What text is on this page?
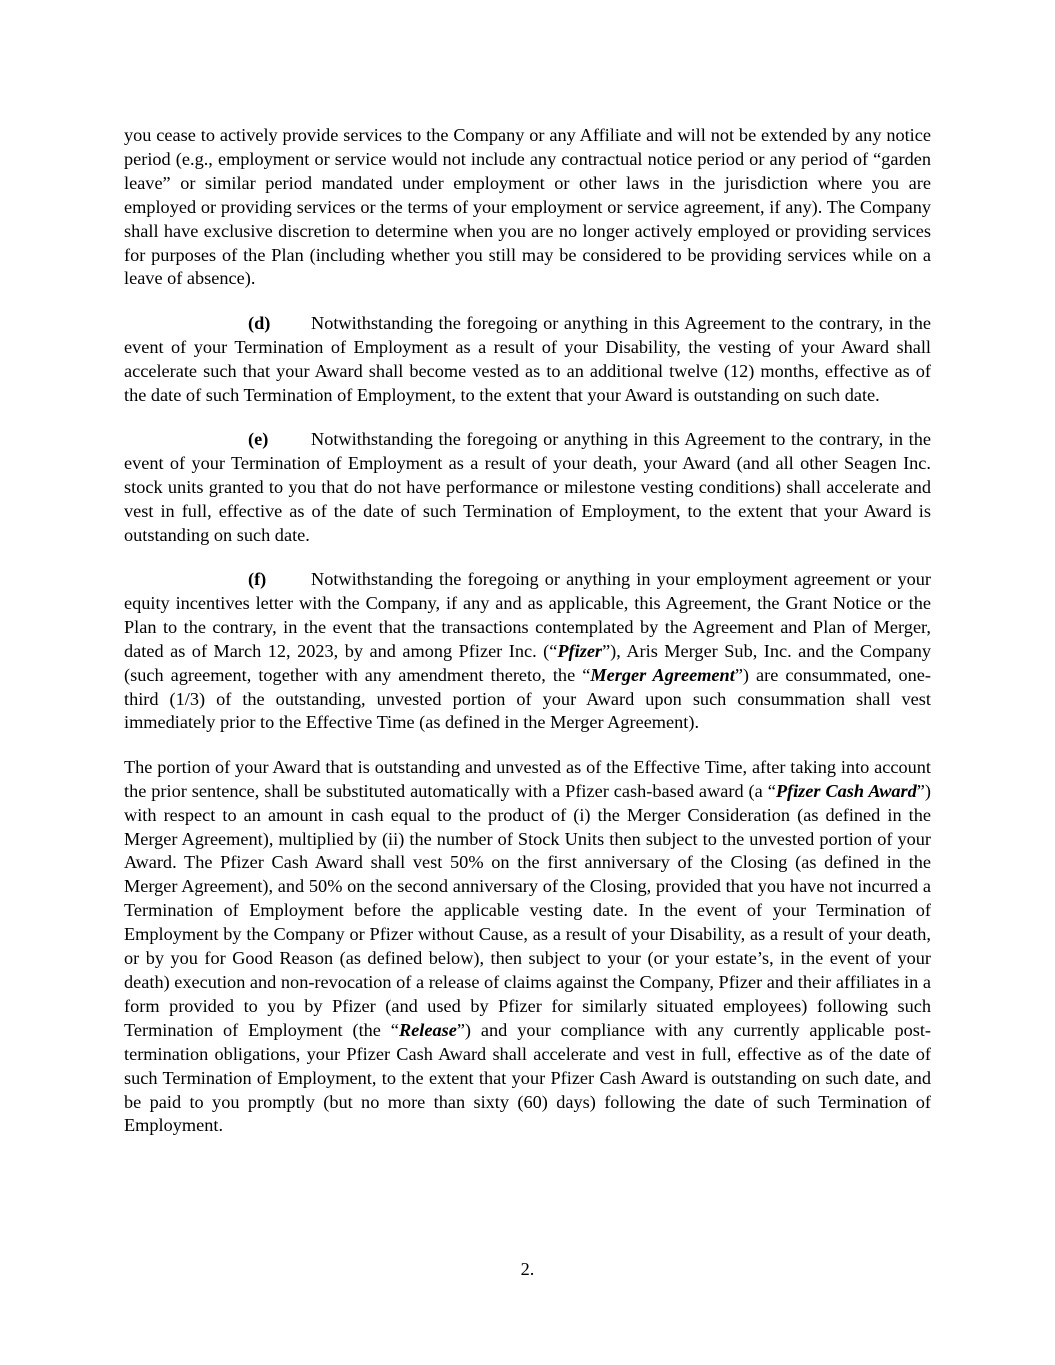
you cease to actively provide services to the Company or any Affiliate and will not be extended by any notice period (e.g., employment or service would not include any contractual notice period or any period of “garden leave” or similar period mandated under employment or other laws in the jurisdiction where you are employed or providing services or the terms of your employment or service agreement, if any). The Company shall have exclusive discretion to determine when you are no longer actively employed or providing services for purposes of the Plan (including whether you still may be considered to be providing services while on a leave of absence).

(d) Notwithstanding the foregoing or anything in this Agreement to the contrary, in the event of your Termination of Employment as a result of your Disability, the vesting of your Award shall accelerate such that your Award shall become vested as to an additional twelve (12) months, effective as of the date of such Termination of Employment, to the extent that your Award is outstanding on such date.

(e) Notwithstanding the foregoing or anything in this Agreement to the contrary, in the event of your Termination of Employment as a result of your death, your Award (and all other Seagen Inc. stock units granted to you that do not have performance or milestone vesting conditions) shall accelerate and vest in full, effective as of the date of such Termination of Employment, to the extent that your Award is outstanding on such date.

(f) Notwithstanding the foregoing or anything in your employment agreement or your equity incentives letter with the Company, if any and as applicable, this Agreement, the Grant Notice or the Plan to the contrary, in the event that the transactions contemplated by the Agreement and Plan of Merger, dated as of March 12, 2023, by and among Pfizer Inc. (“Pfizer”), Aris Merger Sub, Inc. and the Company (such agreement, together with any amendment thereto, the “Merger Agreement”) are consummated, one-third (1/3) of the outstanding, unvested portion of your Award upon such consummation shall vest immediately prior to the Effective Time (as defined in the Merger Agreement).

The portion of your Award that is outstanding and unvested as of the Effective Time, after taking into account the prior sentence, shall be substituted automatically with a Pfizer cash-based award (a “Pfizer Cash Award”) with respect to an amount in cash equal to the product of (i) the Merger Consideration (as defined in the Merger Agreement), multiplied by (ii) the number of Stock Units then subject to the unvested portion of your Award. The Pfizer Cash Award shall vest 50% on the first anniversary of the Closing (as defined in the Merger Agreement), and 50% on the second anniversary of the Closing, provided that you have not incurred a Termination of Employment before the applicable vesting date. In the event of your Termination of Employment by the Company or Pfizer without Cause, as a result of your Disability, as a result of your death, or by you for Good Reason (as defined below), then subject to your (or your estate’s, in the event of your death) execution and non-revocation of a release of claims against the Company, Pfizer and their affiliates in a form provided to you by Pfizer (and used by Pfizer for similarly situated employees) following such Termination of Employment (the “Release”) and your compliance with any currently applicable post-termination obligations, your Pfizer Cash Award shall accelerate and vest in full, effective as of the date of such Termination of Employment, to the extent that your Pfizer Cash Award is outstanding on such date, and be paid to you promptly (but no more than sixty (60) days) following the date of such Termination of Employment.

2.
